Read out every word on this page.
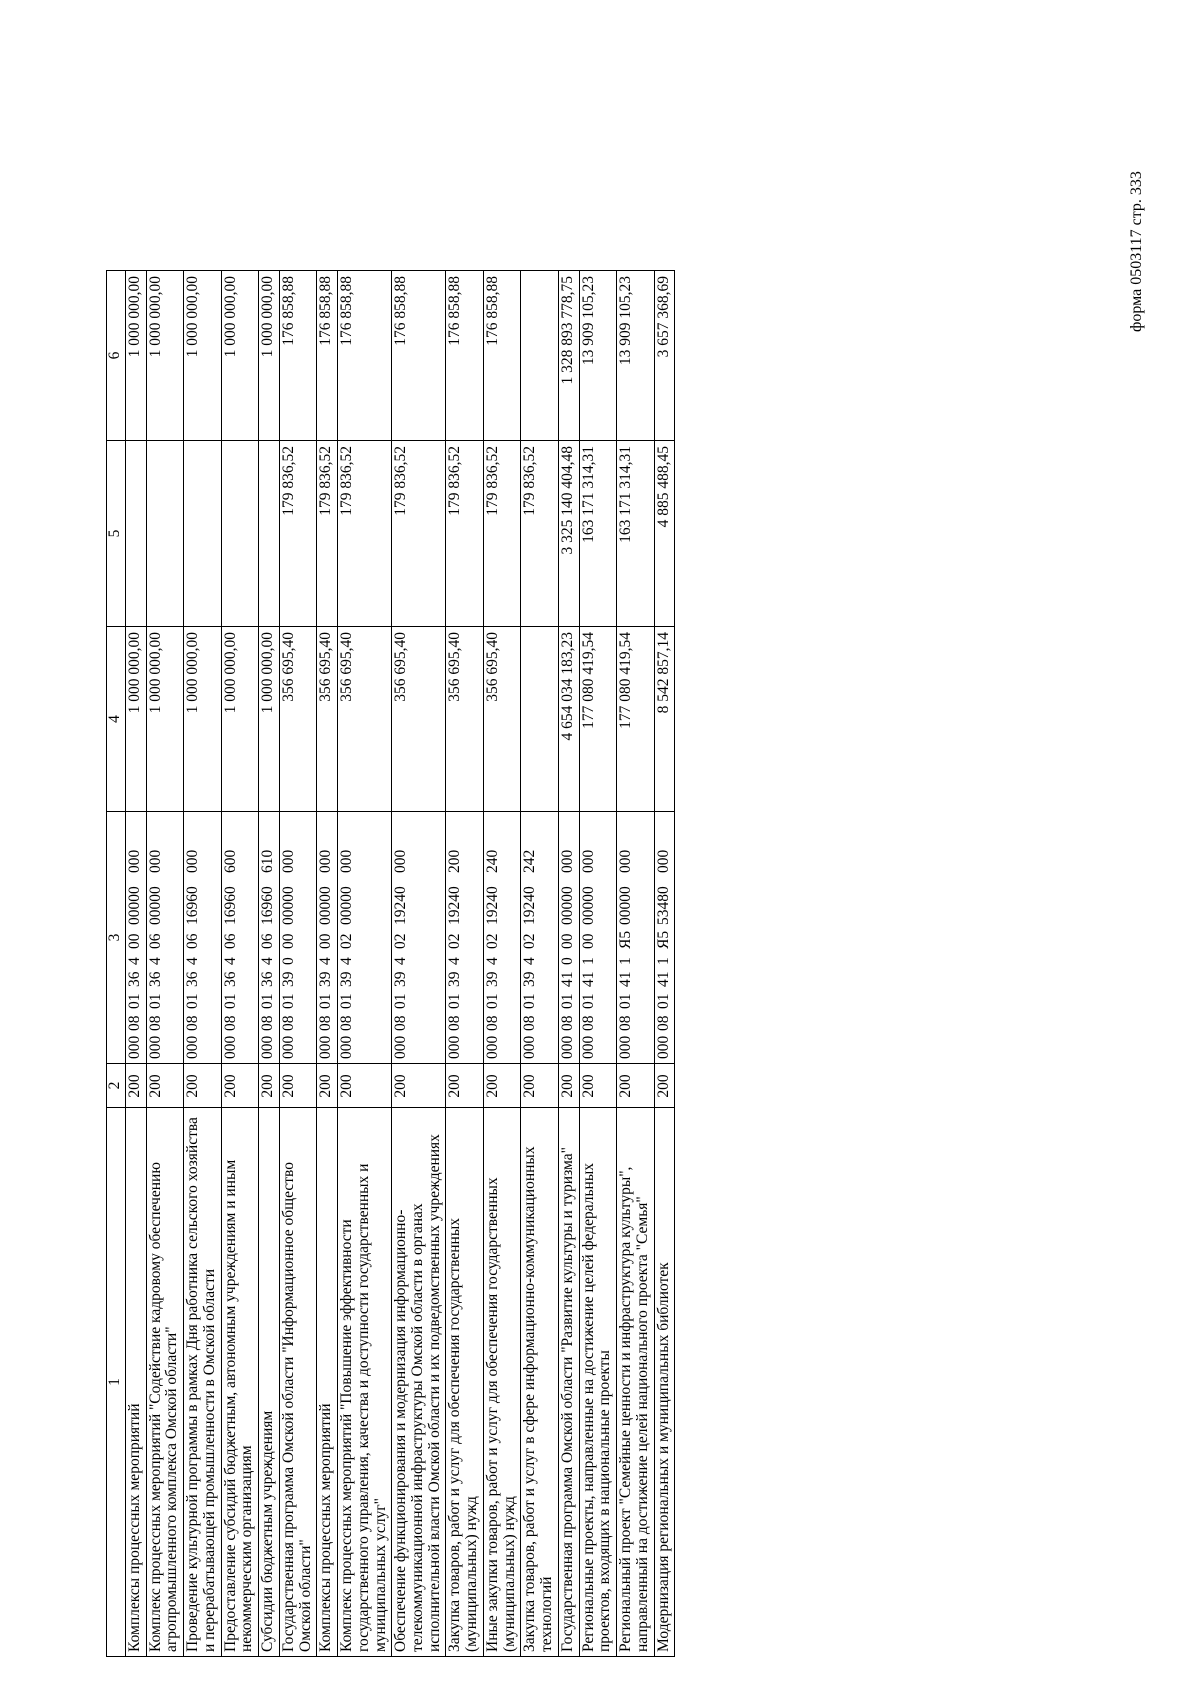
форма 0503117 стр. 333
1	2	3	4	5	6
Комплексы процессных мероприятий	200	00008013640000000000	1 000 000,00		1 000 000,00
Комплекс процессных мероприятий "Содействие кадровому обеспечению агропромышленного комплекса Омской области"	200	00008013640600000000	1 000 000,00		1 000 000,00
Проведение культурной программы в рамках Дня работника сельского хозяйства и перерабатывающей промышленности в Омской области	200	00008013640616960000	1 000 000,00		1 000 000,00
Предоставление субсидий бюджетным, автономным учреждениям и иным некоммерческим организациям	200	00008013640616960600	1 000 000,00		1 000 000,00
Субсидии бюджетным учреждениям	200	00008013640616960610	1 000 000,00		1 000 000,00
Государственная программа Омской области "Информационное общество Омской области"	200	00008013900000000000	356 695,40	179 836,52	176 858,88
Комплексы процессных мероприятий	200	00008013940000000000	356 695,40	179 836,52	176 858,88
Комплекс процессных мероприятий "Повышение эффективности государственного управления, качества и доступности государственных и муниципальных услуг"	200	00008013940200000000	356 695,40	179 836,52	176 858,88
Обеспечение функционирования и модернизация информационно-телекоммуникационной инфраструктуры Омской области в органах исполнительной власти Омской области и их подведомственных учреждениях	200	00008013940219240000	356 695,40	179 836,52	176 858,88
Закупка товаров, работ и услуг для обеспечения государственных (муниципальных) нужд	200	00008013940219240200	356 695,40	179 836,52	176 858,88
Иные закупки товаров, работ и услуг для обеспечения государственных (муниципальных) нужд	200	00008013940219240240	356 695,40	179 836,52	176 858,88
Закупка товаров, работ и услуг в сфере информационно-коммуникационных технологий	200	00008013940219240242		179 836,52	
Государственная программа Омской области "Развитие культуры и туризма"	200	00008014100000000000	4 654 034 183,23	3 325 140 404,48	1 328 893 778,75
Региональные проекты, направленные на достижение целей федеральных проектов, входящих в национальные проекты	200	00008014110000000000	177 080 419,54	163 171 314,31	13 909 105,23
Региональный проект "Семейные ценности и инфраструктура культуры", направленный на достижение целей национального проекта "Семья"	200	0000801411Я500000000	177 080 419,54	163 171 314,31	13 909 105,23
Модернизация региональных и муниципальных библиотек	200	0000801411Я553480000	8 542 857,14	4 885 488,45	3 657 368,69
